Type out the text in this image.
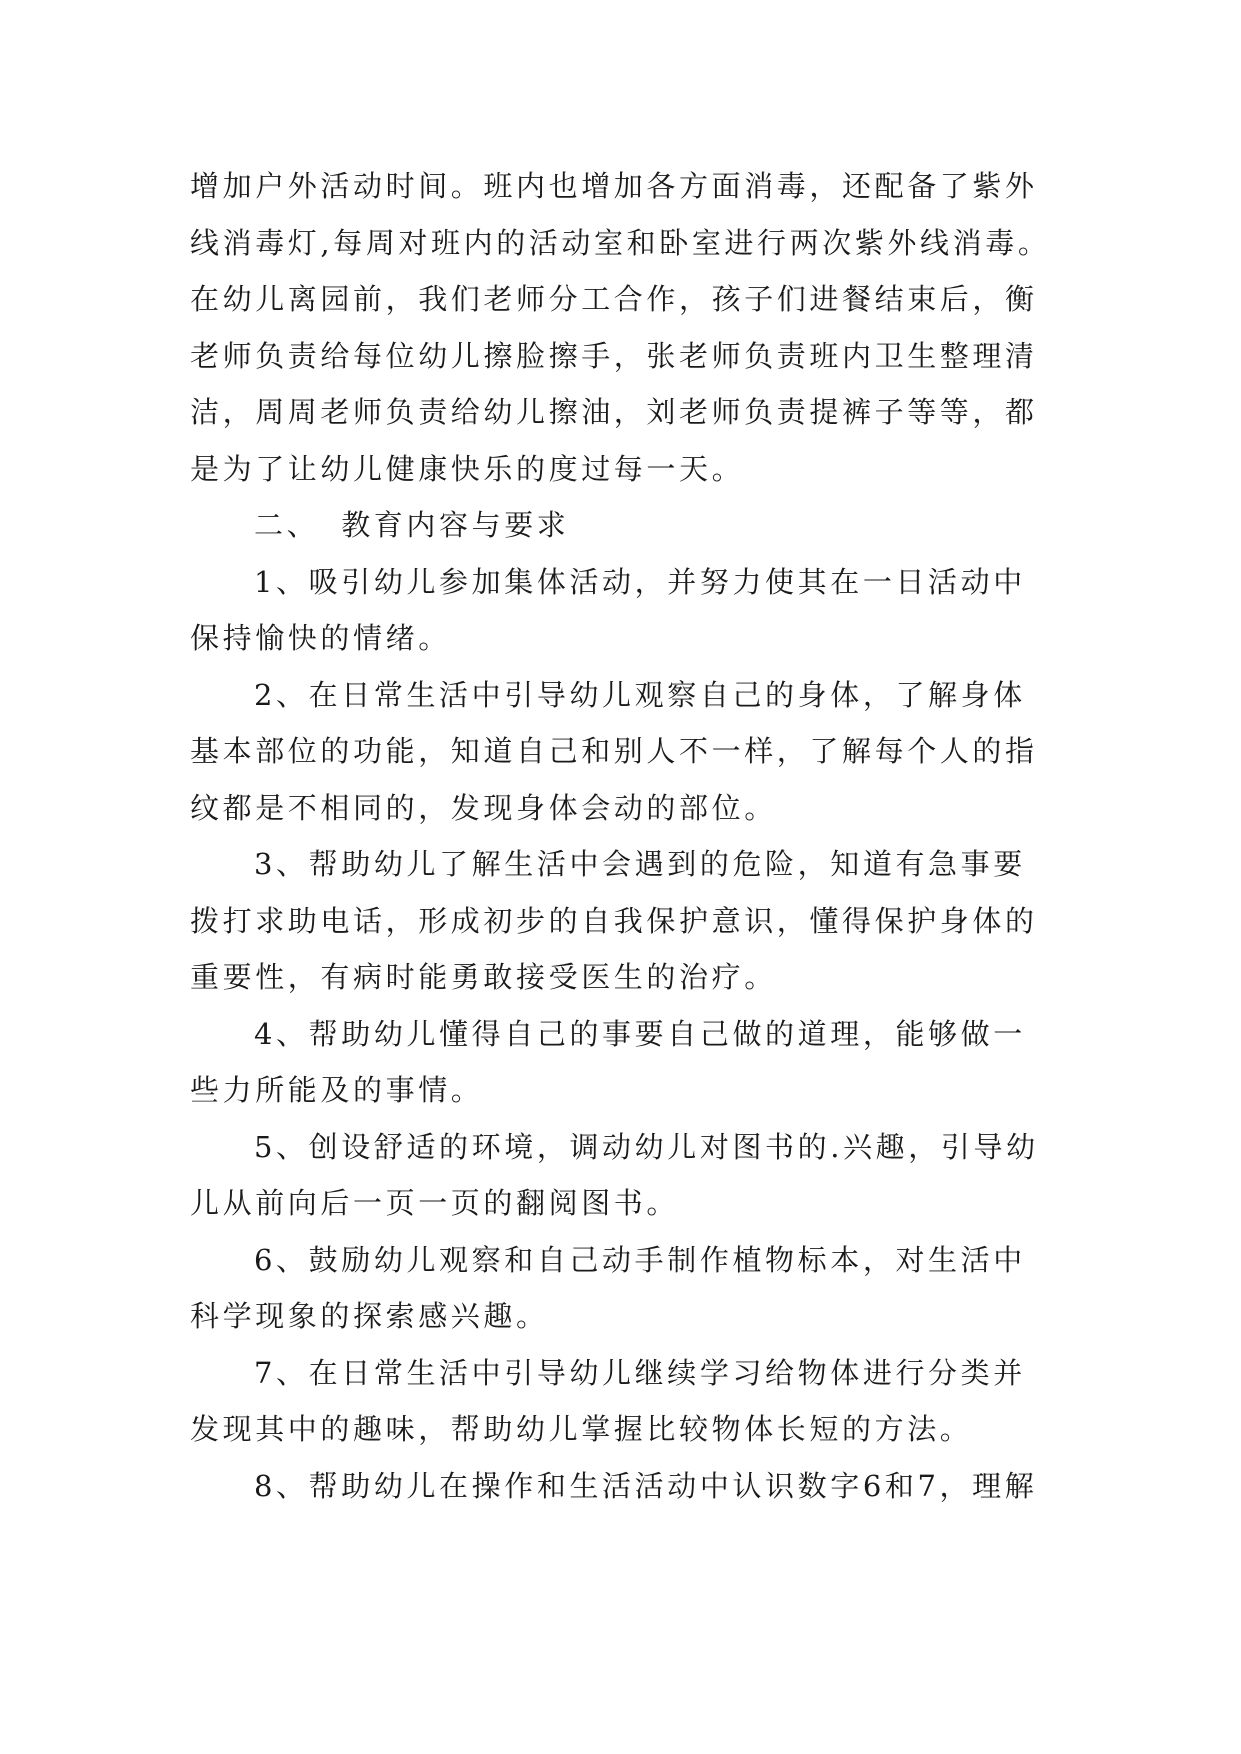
增加户外活动时间。班内也增加各方面消毒，还配备了紫外
线消毒灯,每周对班内的活动室和卧室进行两次紫外线消毒。
在幼儿离园前，我们老师分工合作，孩子们进餐结束后，衡
老师负责给每位幼儿擦脸擦手，张老师负责班内卫生整理清
洁，周周老师负责给幼儿擦油，刘老师负责提裤子等等，都
是为了让幼儿健康快乐的度过每一天。

二、 教育内容与要求

1、吸引幼儿参加集体活动，并努力使其在一日活动中
保持愉快的情绪。

2、在日常生活中引导幼儿观察自己的身体，了解身体
基本部位的功能，知道自己和别人不一样，了解每个人的指
纹都是不相同的，发现身体会动的部位。

3、帮助幼儿了解生活中会遇到的危险，知道有急事要
拨打求助电话，形成初步的自我保护意识，懂得保护身体的
重要性，有病时能勇敢接受医生的治疗。

4、帮助幼儿懂得自己的事要自己做的道理，能够做一
些力所能及的事情。

5、创设舒适的环境，调动幼儿对图书的.兴趣，引导幼
儿从前向后一页一页的翻阅图书。

6、鼓励幼儿观察和自己动手制作植物标本，对生活中
科学现象的探索感兴趣。

7、在日常生活中引导幼儿继续学习给物体进行分类并
发现其中的趣味，帮助幼儿掌握比较物体长短的方法。

8、帮助幼儿在操作和生活活动中认识数字6和7，理解
